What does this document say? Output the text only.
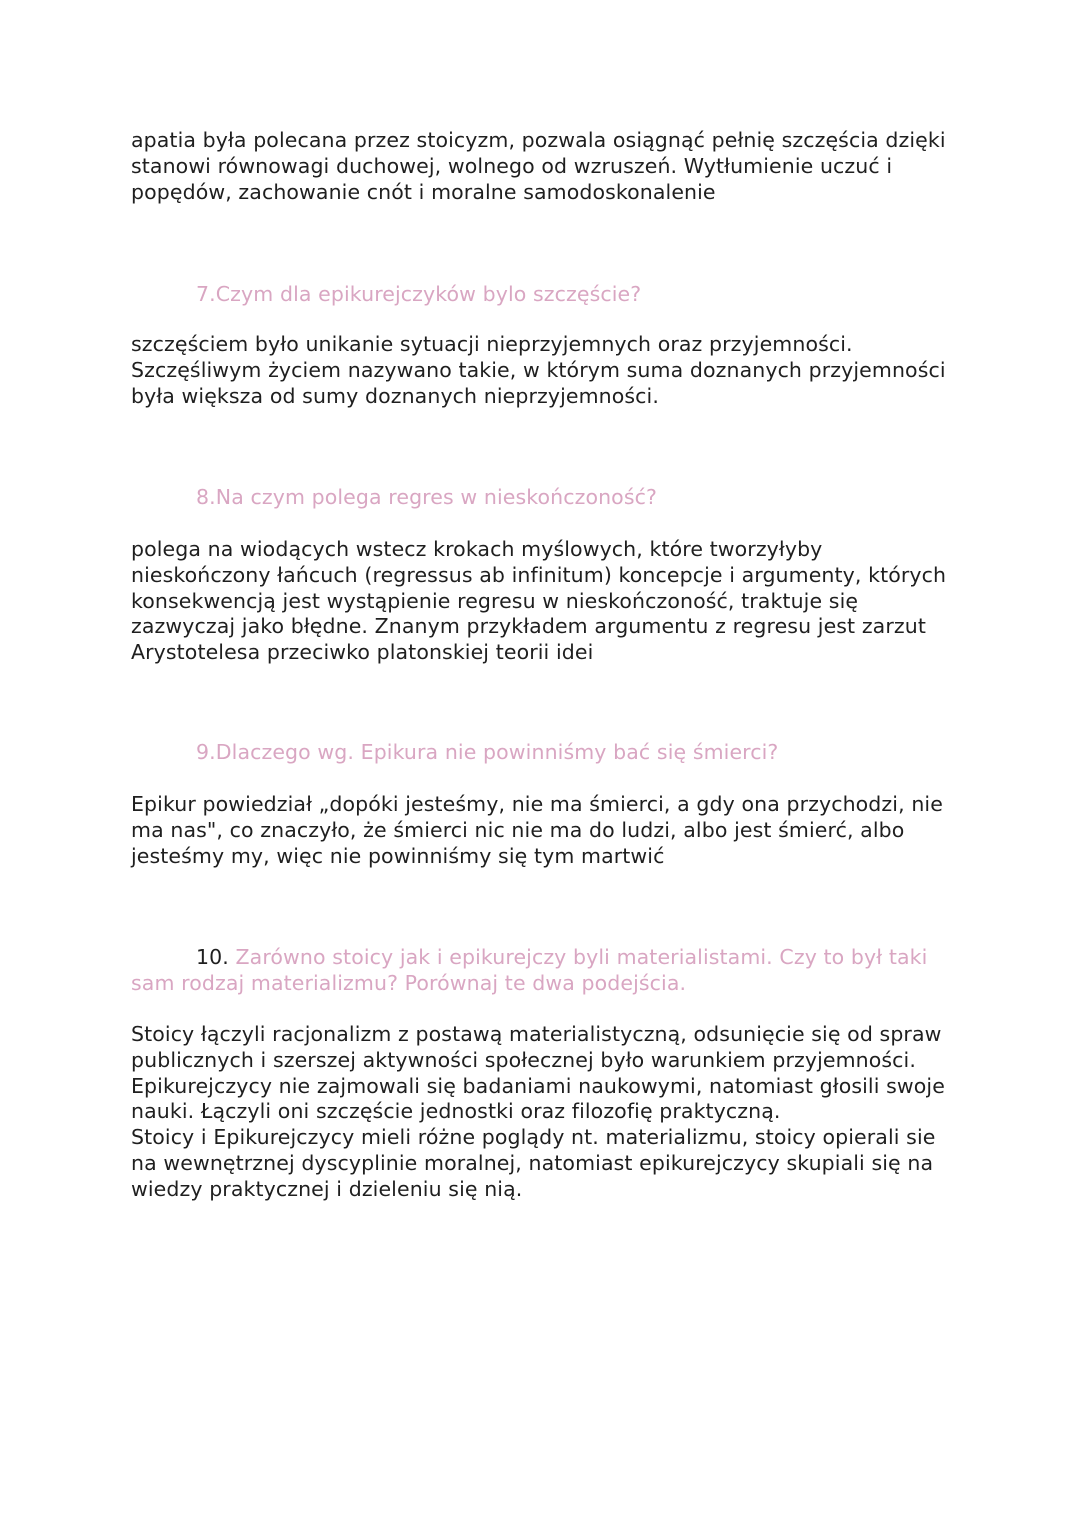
apatia była polecana przez stoicyzm, pozwala osiągnąć pełnię szczęścia dzięki stanowi równowagi duchowej, wolnego od wzruszeń. Wytłumienie uczuć i popędów, zachowanie cnót i moralne samodoskonalenie

7.Czym dla epikurejczyków bylo szczęście?

szczęściem było unikanie sytuacji nieprzyjemnych oraz przyjemności. Szczęśliwym życiem nazywano takie, w którym suma doznanych przyjemności była większa od sumy doznanych nieprzyjemności.

8.Na czym polega regres w nieskończoność?

polega na wiodących wstecz krokach myślowych, które tworzyłyby nieskończony łańcuch (regressus ab infinitum) koncepcje i argumenty, których konsekwencją jest wystąpienie regresu w nieskończoność, traktuje się zazwyczaj jako błędne. Znanym przykładem argumentu z regresu jest zarzut Arystotelesa przeciwko platonskiej teorii idei

9.Dlaczego wg. Epikura nie powinniśmy bać się śmierci?

Epikur powiedział „dopóki jesteśmy, nie ma śmierci, a gdy ona przychodzi, nie ma nas", co znaczyło, że śmierci nic nie ma do ludzi, albo jest śmierć, albo jesteśmy my, więc nie powinniśmy się tym martwić

10. Zarówno stoicy jak i epikurejczy byli materialistami. Czy to był taki sam rodzaj materializmu? Porównaj te dwa podejścia.

Stoicy łączyli racjonalizm z postawą materialistyczną, odsunięcie się od spraw publicznych i szerszej aktywności społecznej było warunkiem przyjemności. Epikurejczycy nie zajmowali się badaniami naukowymi, natomiast głosili swoje nauki. Łączyli oni szczęście jednostki oraz filozofię praktyczną.

Stoicy i Epikurejczycy mieli różne poglądy nt. materializmu, stoicy opierali sie na wewnętrznej dyscyplinie moralnej, natomiast epikurejczycy skupiali się na wiedzy praktycznej i dzieleniu się nią.
